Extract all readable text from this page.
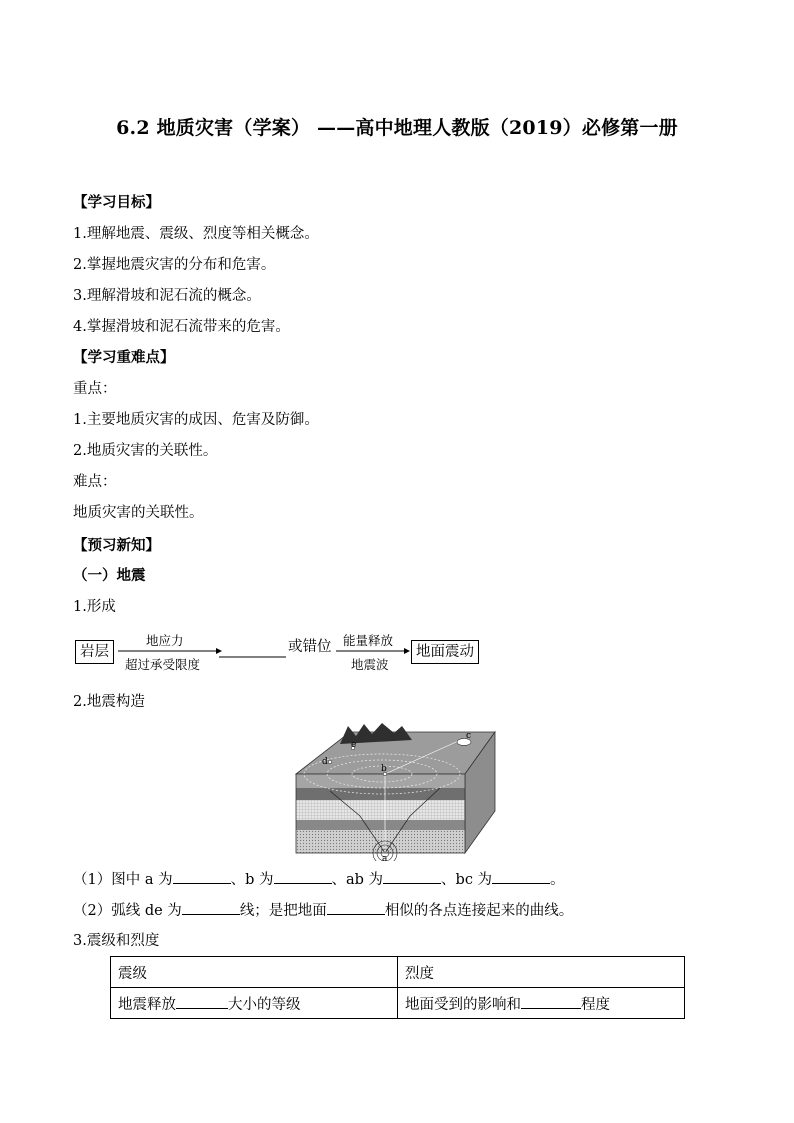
6.2 地质灾害（学案） ——高中地理人教版（2019）必修第一册
【学习目标】
1.理解地震、震级、烈度等相关概念。
2.掌握地震灾害的分布和危害。
3.理解滑坡和泥石流的概念。
4.掌握滑坡和泥石流带来的危害。
【学习重难点】
重点：
1.主要地质灾害的成因、危害及防御。
2.地质灾害的关联性。
难点：
地质灾害的关联性。
【预习新知】
（一）地震
1.形成
岩层
地应力
超过承受限度
或错位 能量释放
地震波
地面震动
2.地震构造
a
b
c
d
e
（1）图中 a 为	、b 为	、ab 为	、bc 为	。
（2）弧线 de 为	线；是把地面	相似的各点连接起来的曲线。
3.震级和烈度
震级	烈度
地震释放 大小的等级	地面受到的影响和 程度
